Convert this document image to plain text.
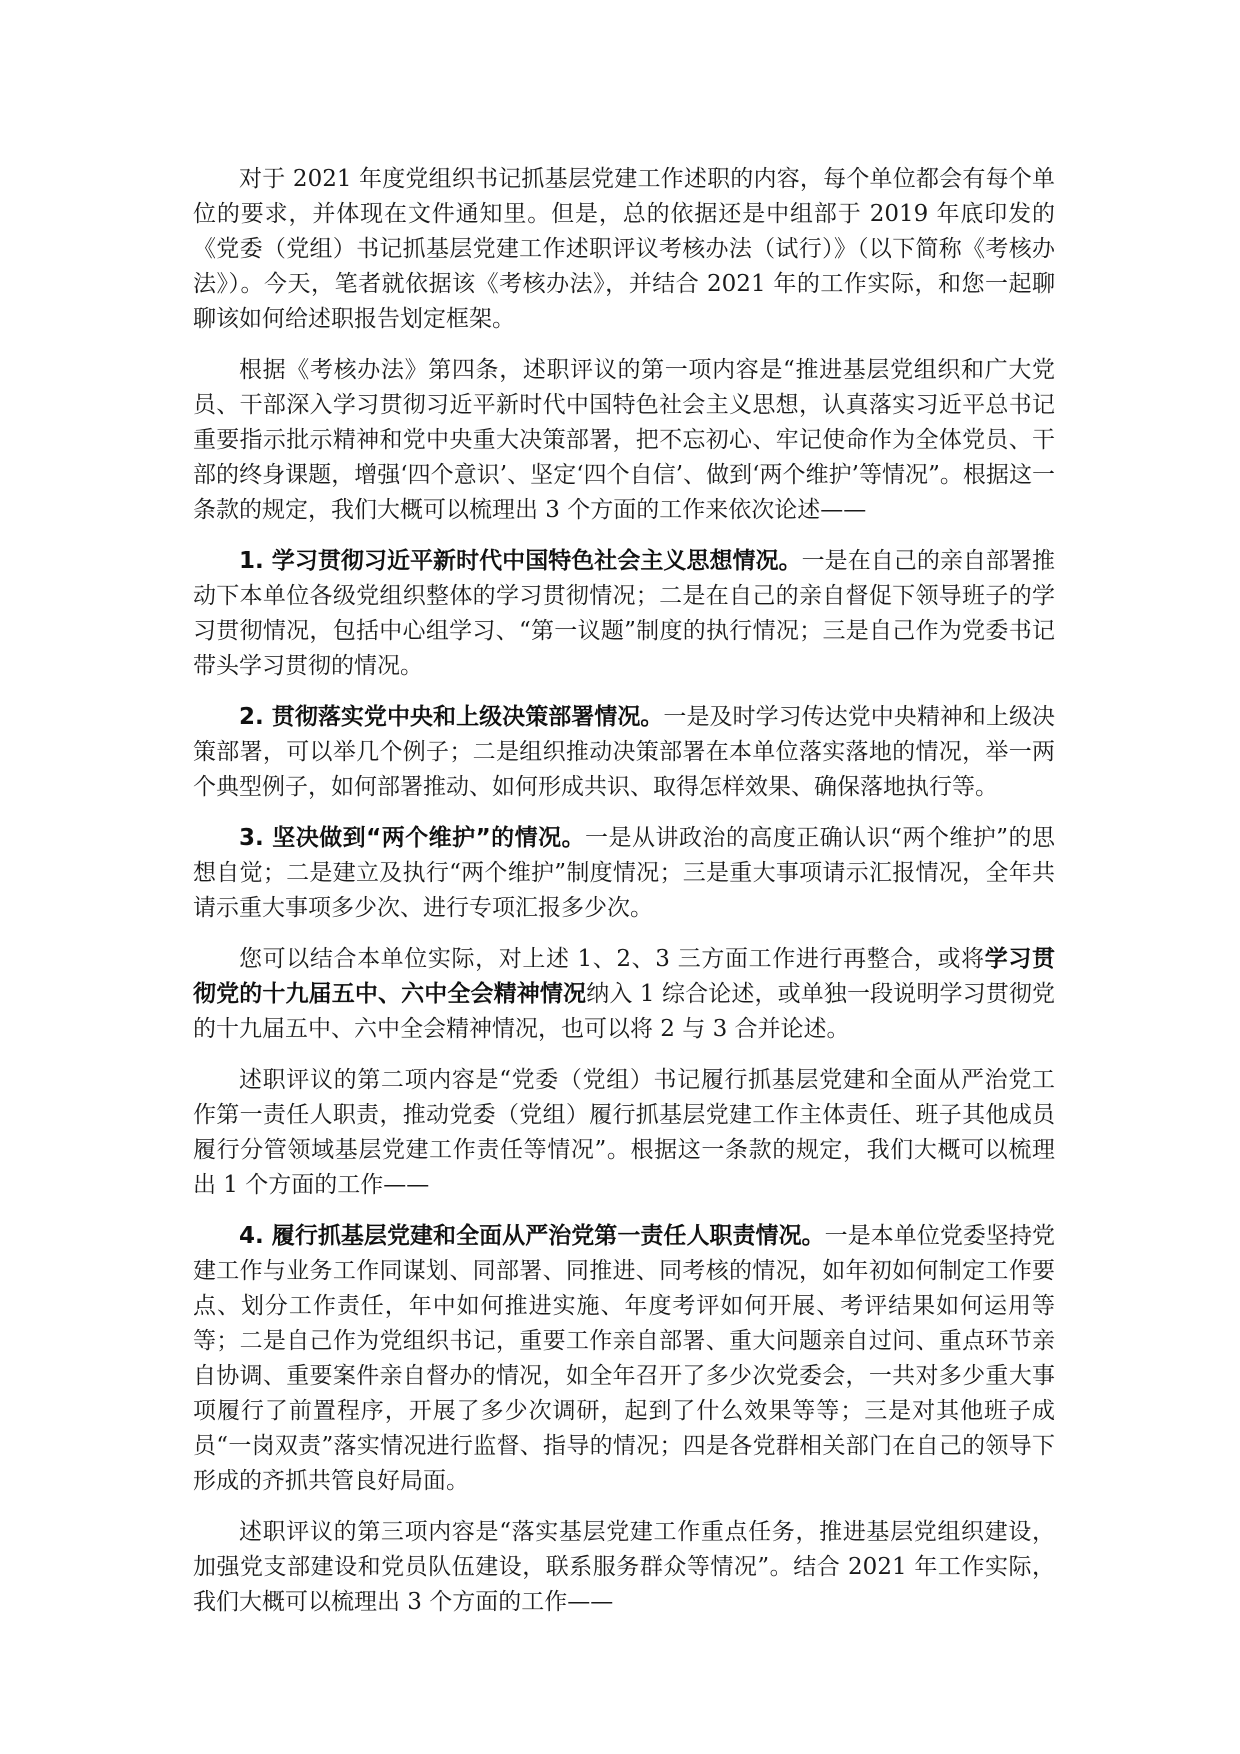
对于 2021 年度党组织书记抓基层党建工作述职的内容，每个单位都会有每个单位的要求，并体现在文件通知里。但是，总的依据还是中组部于 2019 年底印发的《党委（党组）书记抓基层党建工作述职评议考核办法（试行）》（以下简称《考核办法》）。今天，笔者就依据该《考核办法》，并结合 2021 年的工作实际，和您一起聊聊该如何给述职报告划定框架。

根据《考核办法》第四条，述职评议的第一项内容是“推进基层党组织和广大党员、干部深入学习贯彻习近平新时代中国特色社会主义思想，认真落实习近平总书记重要指示批示精神和党中央重大决策部署，把不忘初心、牢记使命作为全体党员、干部的终身课题，增强‘四个意识’、坚定‘四个自信’、做到‘两个维护’等情况”。根据这一条款的规定，我们大概可以梳理出 3 个方面的工作来依次论述——

1. 学习贯彻习近平新时代中国特色社会主义思想情况。一是在自己的亲自部署推动下本单位各级党组织整体的学习贯彻情况；二是在自己的亲自督促下领导班子的学习贯彻情况，包括中心组学习、“第一议题”制度的执行情况；三是自己作为党委书记带头学习贯彻的情况。

2. 贯彻落实党中央和上级决策部署情况。一是及时学习传达党中央精神和上级决策部署，可以举几个例子；二是组织推动决策部署在本单位落实落地的情况，举一两个典型例子，如何部署推动、如何形成共识、取得怎样效果、确保落地执行等。

3. 坚决做到“两个维护”的情况。一是从讲政治的高度正确认识“两个维护”的思想自觉；二是建立及执行“两个维护”制度情况；三是重大事项请示汇报情况，全年共请示重大事项多少次、进行专项汇报多少次。

您可以结合本单位实际，对上述 1、2、3 三方面工作进行再整合，或将学习贯彻党的十九届五中、六中全会精神情况纳入 1 综合论述，或单独一段说明学习贯彻党的十九届五中、六中全会精神情况，也可以将 2 与 3 合并论述。

述职评议的第二项内容是“党委（党组）书记履行抓基层党建和全面从严治党工作第一责任人职责，推动党委（党组）履行抓基层党建工作主体责任、班子其他成员履行分管领域基层党建工作责任等情况”。根据这一条款的规定，我们大概可以梳理出 1 个方面的工作——

4. 履行抓基层党建和全面从严治党第一责任人职责情况。一是本单位党委坚持党建工作与业务工作同谋划、同部署、同推进、同考核的情况，如年初如何制定工作要点、划分工作责任，年中如何推进实施、年度考评如何开展、考评结果如何运用等等；二是自己作为党组织书记，重要工作亲自部署、重大问题亲自过问、重点环节亲自协调、重要案件亲自督办的情况，如全年召开了多少次党委会，一共对多少重大事项履行了前置程序，开展了多少次调研，起到了什么效果等等；三是对其他班子成员“一岗双责”落实情况进行监督、指导的情况；四是各党群相关部门在自己的领导下形成的齐抓共管良好局面。

述职评议的第三项内容是“落实基层党建工作重点任务，推进基层党组织建设，加强党支部建设和党员队伍建设，联系服务群众等情况”。结合 2021 年工作实际，我们大概可以梳理出 3 个方面的工作——
